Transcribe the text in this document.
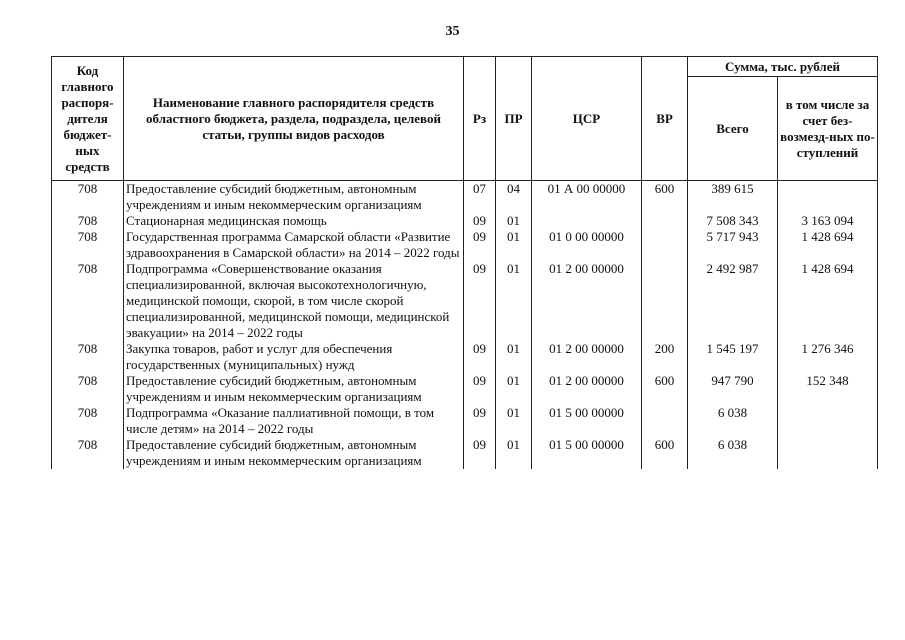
35
Код главного распоря-дителя бюджет-ных средств	Наименование главного распорядителя средств областного бюджета, раздела, подраздела, целевой статьи, группы видов расходов	Рз	ПР	ЦСР	ВР	Сумма, тыс. рублей	
						Всего	в том числе за счет без-возмезд-ных по-ступлений
708	Предоставление субсидий бюджетным, автономным учреждениям и иным некоммерческим организациям	07	04	01 А 00 00000	600	389 615	
708	Стационарная медицинская помощь	09	01			7 508 343	3 163 094
708	Государственная программа Самарской области «Развитие здравоохранения в Самарской области» на 2014 – 2022 годы	09	01	01 0 00 00000		5 717 943	1 428 694
708	Подпрограмма «Совершенствование оказания специализированной, включая высокотехнологичную, медицинской помощи, скорой, в том числе скорой специализированной, медицинской помощи, медицинской эвакуации» на 2014 – 2022 годы	09	01	01 2 00 00000		2 492 987	1 428 694
708	Закупка товаров, работ и услуг для обеспечения государственных (муниципальных) нужд	09	01	01 2 00 00000	200	1 545 197	1 276 346
708	Предоставление субсидий бюджетным, автономным учреждениям и иным некоммерческим организациям	09	01	01 2 00 00000	600	947 790	152 348
708	Подпрограмма «Оказание паллиативной помощи, в том числе детям» на 2014 – 2022 годы	09	01	01 5 00 00000		6 038	
708	Предоставление субсидий бюджетным, автономным учреждениям и иным некоммерческим организациям	09	01	01 5 00 00000	600	6 038	
